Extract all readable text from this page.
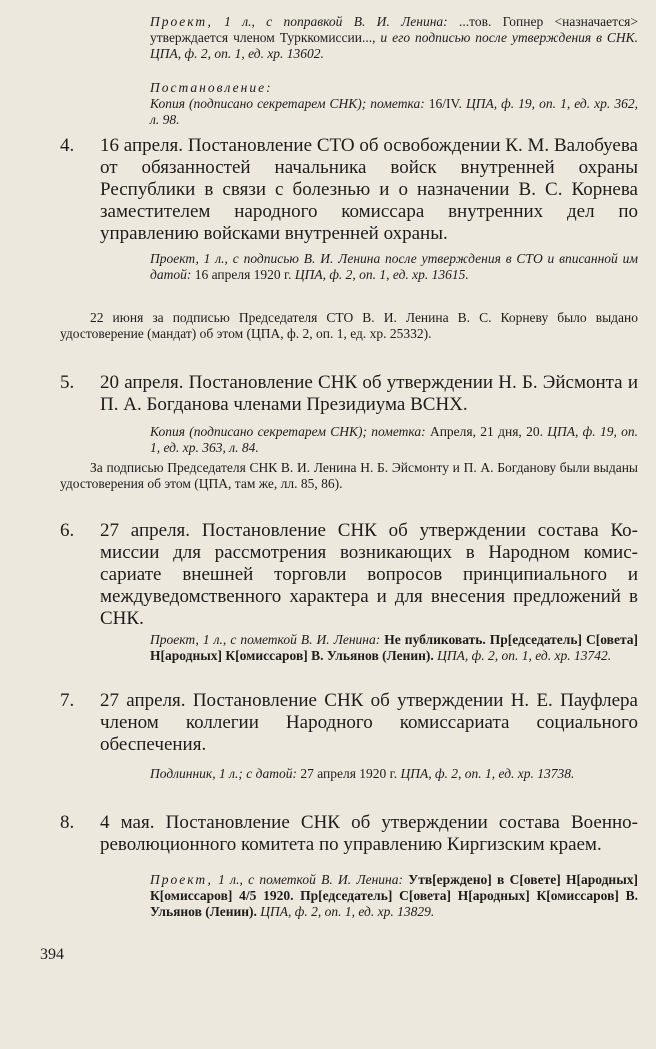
Проект, 1 л., с поправкой В. И. Ленина: ...тов. Гопнер <назначается> утверждается членом Турккомиссии..., и его подписью после утверждения в СНК. ЦПА, ф. 2, оп. 1, ед. хр. 13602.

Постановление:

Копия (подписано секретарем СНК); пометка: 16/IV. ЦПА, ф. 19, оп. 1, ед. хр. 362, л. 98.

4.	16 апреля. Постановление СТО об освобождении К. М. Валобуева от обязанностей начальника войск внутренней охраны Республики в связи с болезнью и о назначении В. С. Корнева заместителем народного комиссара внутренних дел по управлению войсками внутренней охраны.

Проект, 1 л., с подписью В. И. Ленина после утверждения в СТО и вписанной им датой: 16 апреля 1920 г. ЦПА, ф. 2, оп. 1, ед. хр. 13615.

22 июня за подписью Председателя СТО В. И. Ленина В. С. Корневу было выдано удостоверение (мандат) об этом (ЦПА, ф. 2, оп. 1, ед. хр. 25332).

5.	20 апреля. Постановление СНК об утверждении Н. Б. Эйсмонта и П. А. Богданова членами Президиума ВСНХ.

Копия (подписано секретарем СНК); пометка: Апреля, 21 дня, 20. ЦПА, ф. 19, оп. 1, ед. хр. 363, л. 84.

За подписью Председателя СНК В. И. Ленина Н. Б. Эйсмонту и П. А. Богданову были выданы удостоверения об этом (ЦПА, там же, лл. 85, 86).

6.	27 апреля. Постановление СНК об утверждении состава Комиссии для рассмотрения возникающих в Народном комиссариате внешней торговли вопросов принципиального и междуведомственного характера и для внесения предложений в СНК.

Проект, 1 л., с пометкой В. И. Ленина: Не публиковать. Пр[едседатель] С[овета] Н[ародных] К[омиссаров] В. Ульянов (Ленин). ЦПА, ф. 2, оп. 1, ед. хр. 13742.

7.	27 апреля. Постановление СНК об утверждении Н. Е. Пауфлера членом коллегии Народного комиссариата социального обеспечения.

Подлинник, 1 л.; с датой: 27 апреля 1920 г. ЦПА, ф. 2, оп. 1, ед. хр. 13738.

8.	4 мая. Постановление СНК об утверждении состава Военно-революционного комитета по управлению Киргизским краем.

Проект, 1 л., с пометкой В. И. Ленина: Утв[ерждено] в С[овете] Н[ародных] К[омиссаров] 4/5 1920. Пр[едседатель] С[овета] Н[ародных] К[омиссаров] В. Ульянов (Ленин). ЦПА, ф. 2, оп. 1, ед. хр. 13829.

394
